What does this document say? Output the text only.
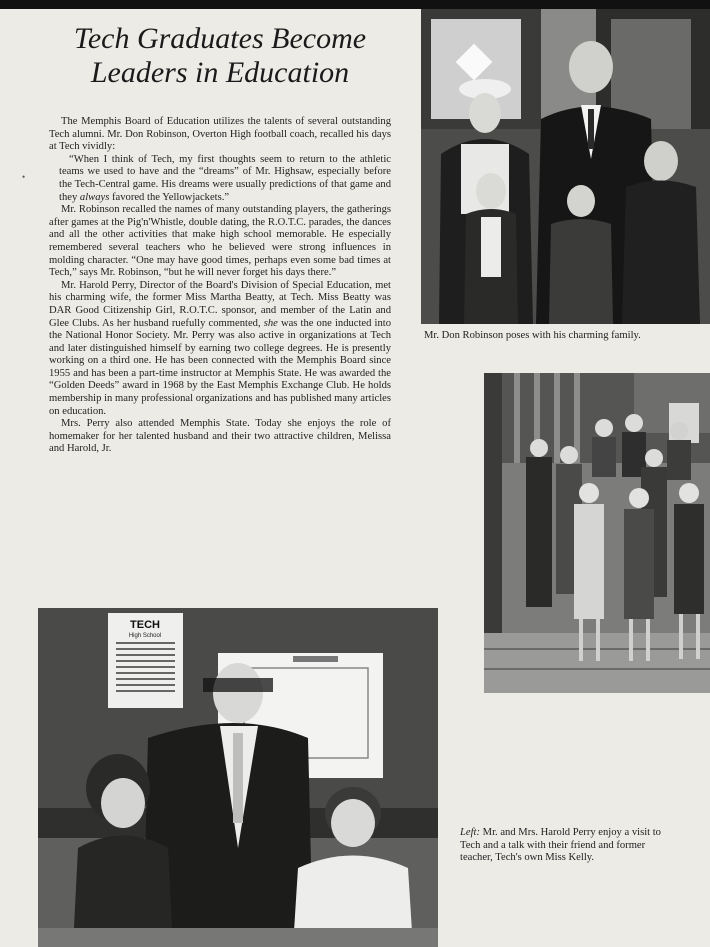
Tech Graduates Become
Leaders in Education
•

The Memphis Board of Education utilizes the talents of several outstanding Tech alumni. Mr. Don Robinson, Overton High football coach, recalled his days at Tech vividly:

“When I think of Tech, my first thoughts seem to return to the athletic teams we used to have and the “dreams” of Mr. Highsaw, especially before the Tech-Central game. His dreams were usually predictions of that game and they always favored the Yellowjackets.”

Mr. Robinson recalled the names of many outstanding players, the gatherings after games at the Pig'n'Whistle, double dating, the R.O.T.C. parades, the dances and all the other activities that make high school memorable. He especially remembered several teachers who he believed were strong influences in molding character. “One may have good times, perhaps even some bad times at Tech,” says Mr. Robinson, “but he will never forget his days there.”

Mr. Harold Perry, Director of the Board's Division of Special Education, met his charming wife, the former Miss Martha Beatty, at Tech. Miss Beatty was DAR Good Citizenship Girl, R.O.T.C. sponsor, and member of the Latin and Glee Clubs. As her husband ruefully commented, she was the one inducted into the National Honor Society. Mr. Perry was also active in organizations at Tech and later distinguished himself by earning two college degrees. He is presently working on a third one. He has been connected with the Memphis Board since 1955 and has been a part-time instructor at Memphis State. He was awarded the “Golden Deeds” award in 1968 by the East Memphis Exchange Club. He holds membership in many professional organizations and has published many articles on education.

Mrs. Perry also attended Memphis State. Today she enjoys the role of homemaker for her talented husband and their two attractive children, Melissa and Harold, Jr.

Mr. Don Robinson poses with his charming family.
TECH
High School
Left: Mr. and Mrs. Harold Perry enjoy a visit to Tech and a talk with their friend and former teacher, Tech's own Miss Kelly.
